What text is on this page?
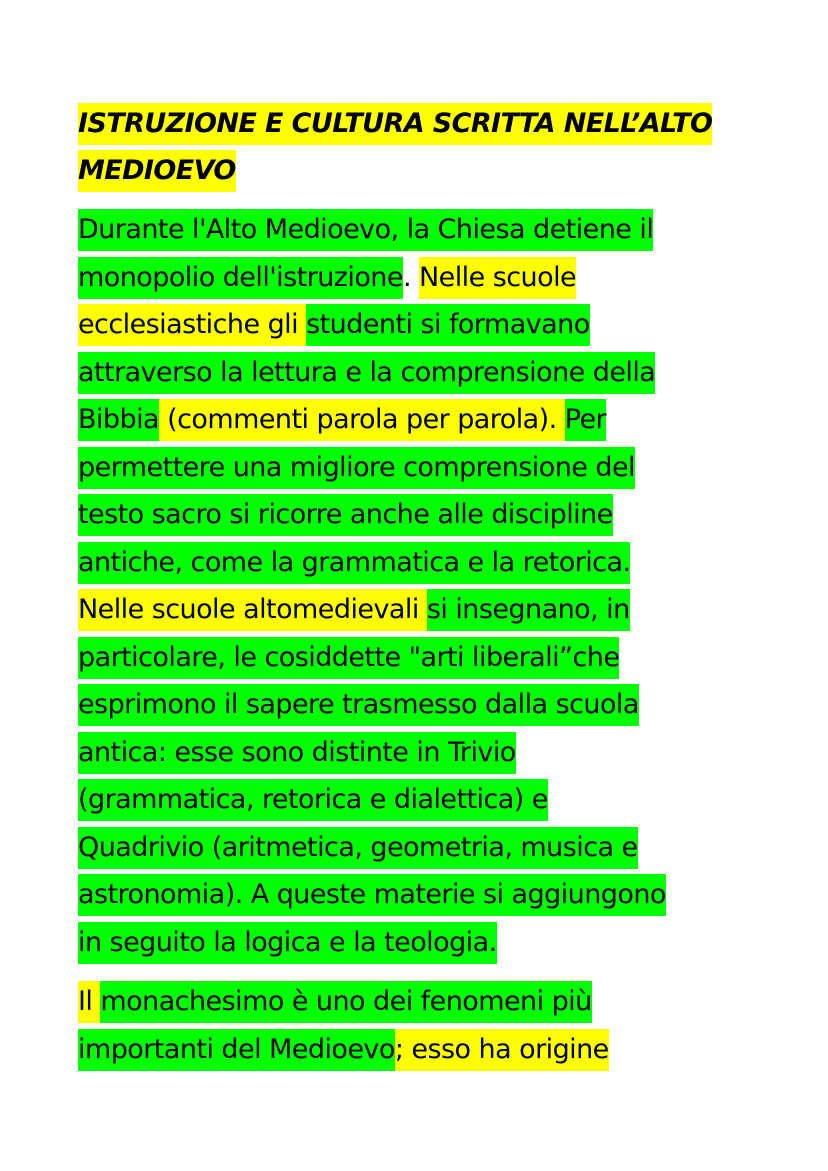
ISTRUZIONE E CULTURA SCRITTA NELL’ALTO
MEDIOEVO
Durante l'Alto Medioevo, la Chiesa detiene il
monopolio dell'istruzione. Nelle scuole
ecclesiastiche gli studenti si formavano
attraverso la lettura e la comprensione della
Bibbia (commenti parola per parola). Per
permettere una migliore comprensione del
testo sacro si ricorre anche alle discipline
antiche, come la grammatica e la retorica.
Nelle scuole altomedievali si insegnano, in
particolare, le cosiddette "arti liberali”che
esprimono il sapere trasmesso dalla scuola
antica: esse sono distinte in Trivio
(grammatica, retorica e dialettica) e
Quadrivio (aritmetica, geometria, musica e
astronomia). A queste materie si aggiungono
in seguito la logica e la teologia.
Il monachesimo è uno dei fenomeni più
importanti del Medioevo; esso ha origine
